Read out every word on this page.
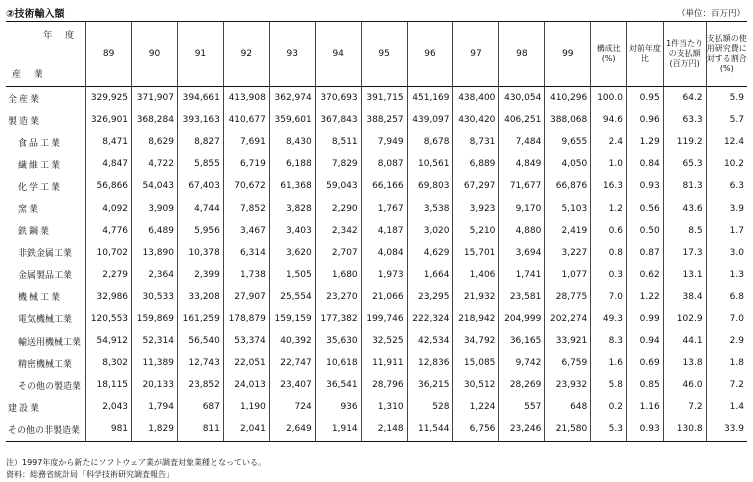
②技術輸入額	（単位：百万円）
年 度
産 業	89	90	91	92	93	94	95	96	97	98	99	構成比(%)	対前年度比	1件当たりの支払額(百万円)	支払額の使用研究費に対する割合(%)
全産業	329,925	371,907	394,661	413,908	362,974	370,693	391,715	451,169	438,400	430,054	410,296	100.0	0.95	64.2	5.9
製造業	326,901	368,284	393,163	410,677	359,601	367,843	388,257	439,097	430,420	406,251	388,068	94.6	0.96	63.3	5.7
食品工業	8,471	8,629	8,827	7,691	8,430	8,511	7,949	8,678	8,731	7,484	9,655	2.4	1.29	119.2	12.4
繊維工業	4,847	4,722	5,855	6,719	6,188	7,829	8,087	10,561	6,889	4,849	4,050	1.0	0.84	65.3	10.2
化学工業	56,866	54,043	67,403	70,672	61,368	59,043	66,166	69,803	67,297	71,677	66,876	16.3	0.93	81.3	6.3
窯業	4,092	3,909	4,744	7,852	3,828	2,290	1,767	3,538	3,923	9,170	5,103	1.2	0.56	43.6	3.9
鉄鋼業	4,776	6,489	5,956	3,467	3,403	2,342	4,187	3,020	5,210	4,880	2,419	0.6	0.50	8.5	1.7
非鉄金属工業	10,702	13,890	10,378	6,314	3,620	2,707	4,084	4,629	15,701	3,694	3,227	0.8	0.87	17.3	3.0
金属製品工業	2,279	2,364	2,399	1,738	1,505	1,680	1,973	1,664	1,406	1,741	1,077	0.3	0.62	13.1	1.3
機械工業	32,986	30,533	33,208	27,907	25,554	23,270	21,066	23,295	21,932	23,581	28,775	7.0	1.22	38.4	6.8
電気機械工業	120,553	159,869	161,259	178,879	159,159	177,382	199,746	222,324	218,942	204,999	202,274	49.3	0.99	102.9	7.0
輸送用機械工業	54,912	52,314	56,540	53,374	40,392	35,630	32,525	42,534	34,792	36,165	33,921	8.3	0.94	44.1	2.9
精密機械工業	8,302	11,389	12,743	22,051	22,747	10,618	11,911	12,836	15,085	9,742	6,759	1.6	0.69	13.8	1.8
その他の製造業	18,115	20,133	23,852	24,013	23,407	36,541	28,796	36,215	30,512	28,269	23,932	5.8	0.85	46.0	7.2
建設業	2,043	1,794	687	1,190	724	936	1,310	528	1,224	557	648	0.2	1.16	7.2	1.4
その他の非製造業	981	1,829	811	2,041	2,649	1,914	2,148	11,544	6,756	23,246	21,580	5.3	0.93	130.8	33.9
注）1997年度から新たにソフトウェア業が調査対象業種となっている。
資料：総務省統計局「科学技術研究調査報告」
